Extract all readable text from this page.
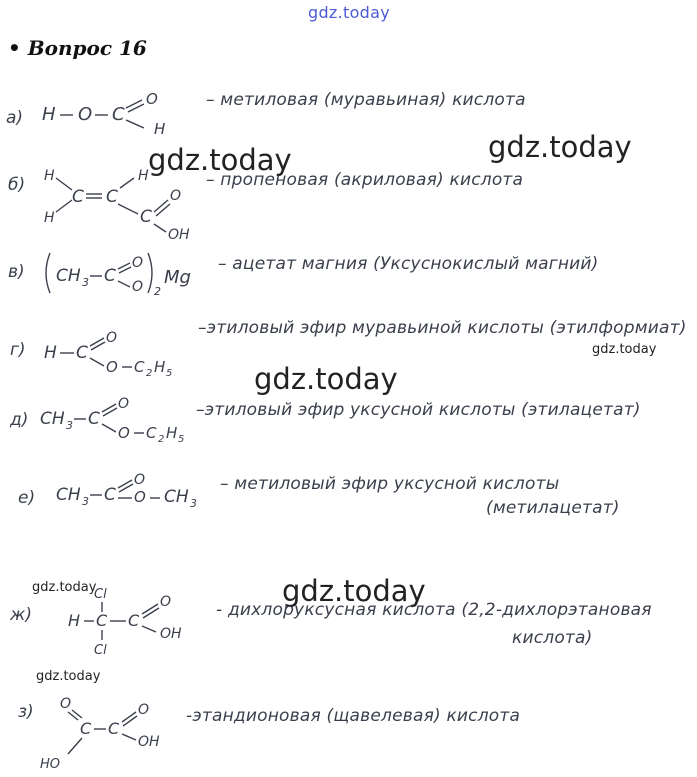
gdz.today
• Вопрос 16
gdz.today	gdz.today
gdz.today
gdz.today
gdz.today	gdz.today
gdz.today
а) H O C
O
H
– метиловая (муравьиная) кислота
б) H
H
C C
H
C
O
OH
– пропеновая (акриловая) кислота
в) CH 3 C
O
O 2
Mg
– ацетат магния (Уксуснокислый магний)
г) H C
O
O C 2 H 5
–этиловый эфир муравьиной кислоты (этилформиат)
д) CH 3 C
O
O C 2 H 5
–этиловый эфир уксусной кислоты (этилацетат)
е) CH 3 C
O
O CH 3
– метиловый эфир уксусной кислоты
(метилацетат)
ж)
Cl
H C
Cl
C
O
OH
- дихлоруксусная кислота (2,2-дихлорэтановая
кислота)
з) O
C C
O
OH
HO
-этандионовая (щавелевая) кислота
